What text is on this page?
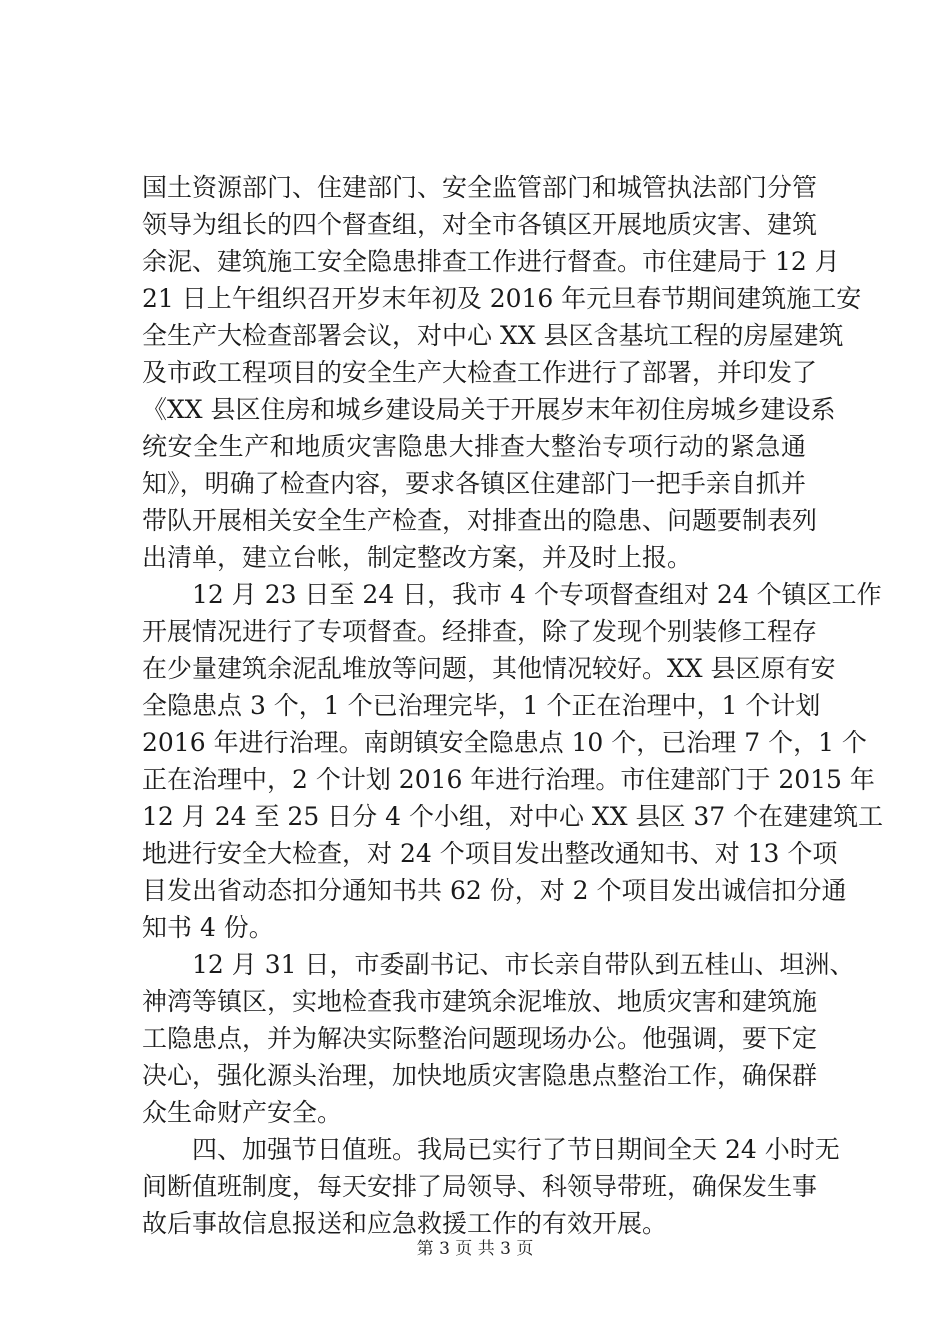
国土资源部门、住建部门、安全监管部门和城管执法部门分管
领导为组长的四个督查组，对全市各镇区开展地质灾害、建筑
余泥、建筑施工安全隐患排查工作进行督查。市住建局于 12 月
21 日上午组织召开岁末年初及 2016 年元旦春节期间建筑施工安
全生产大检查部署会议，对中心 XX 县区含基坑工程的房屋建筑
及市政工程项目的安全生产大检查工作进行了部署，并印发了
《XX 县区住房和城乡建设局关于开展岁末年初住房城乡建设系
统安全生产和地质灾害隐患大排查大整治专项行动的紧急通
知》，明确了检查内容，要求各镇区住建部门一把手亲自抓并
带队开展相关安全生产检查，对排查出的隐患、问题要制表列
出清单，建立台帐，制定整改方案，并及时上报。
　　12 月 23 日至 24 日，我市 4 个专项督查组对 24 个镇区工作
开展情况进行了专项督查。经排查，除了发现个别装修工程存
在少量建筑余泥乱堆放等问题，其他情况较好。XX 县区原有安
全隐患点 3 个，1 个已治理完毕，1 个正在治理中，1 个计划
2016 年进行治理。南朗镇安全隐患点 10 个，已治理 7 个，1 个
正在治理中，2 个计划 2016 年进行治理。市住建部门于 2015 年
12 月 24 至 25 日分 4 个小组，对中心 XX 县区 37 个在建建筑工
地进行安全大检查，对 24 个项目发出整改通知书、对 13 个项
目发出省动态扣分通知书共 62 份，对 2 个项目发出诚信扣分通
知书 4 份。
　　12 月 31 日，市委副书记、市长亲自带队到五桂山、坦洲、
神湾等镇区，实地检查我市建筑余泥堆放、地质灾害和建筑施
工隐患点，并为解决实际整治问题现场办公。他强调，要下定
决心，强化源头治理，加快地质灾害隐患点整治工作，确保群
众生命财产安全。
　　四、加强节日值班。我局已实行了节日期间全天 24 小时无
间断值班制度，每天安排了局领导、科领导带班，确保发生事
故后事故信息报送和应急救援工作的有效开展。
第 3 页 共 3 页
